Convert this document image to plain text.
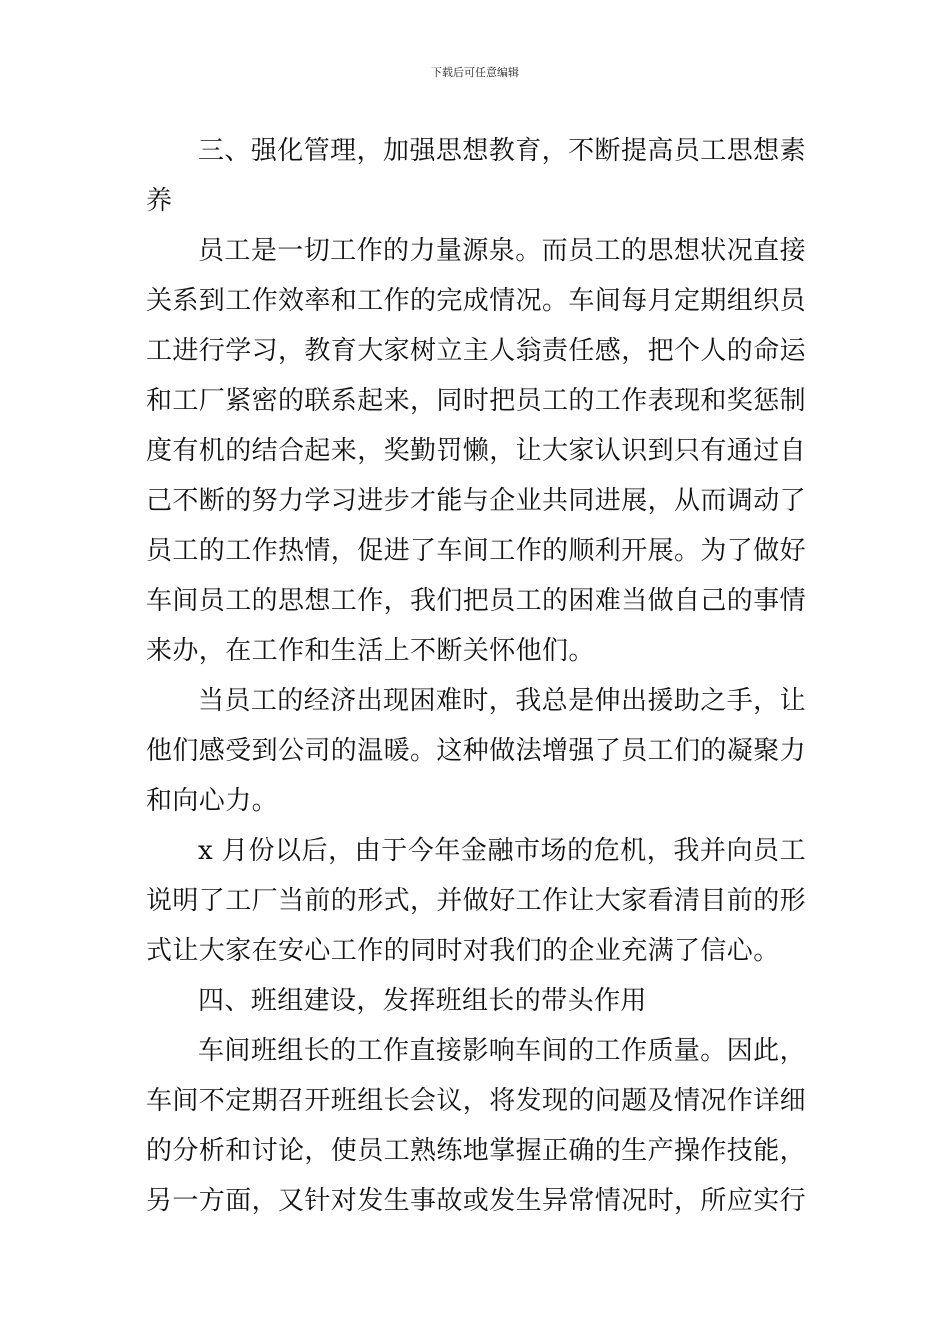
下载后可任意编辑

三、强化管理，加强思想教育，不断提高员工思想素养

员工是一切工作的力量源泉。而员工的思想状况直接关系到工作效率和工作的完成情况。车间每月定期组织员工进行学习，教育大家树立主人翁责任感，把个人的命运和工厂紧密的联系起来，同时把员工的工作表现和奖惩制度有机的结合起来，奖勤罚懒，让大家认识到只有通过自己不断的努力学习进步才能与企业共同进展，从而调动了员工的工作热情，促进了车间工作的顺利开展。为了做好车间员工的思想工作，我们把员工的困难当做自己的事情来办，在工作和生活上不断关怀他们。

当员工的经济出现困难时，我总是伸出援助之手，让他们感受到公司的温暖。这种做法增强了员工们的凝聚力和向心力。

x 月份以后，由于今年金融市场的危机，我并向员工说明了工厂当前的形式，并做好工作让大家看清目前的形式让大家在安心工作的同时对我们的企业充满了信心。

四、班组建设，发挥班组长的带头作用

车间班组长的工作直接影响车间的工作质量。因此，车间不定期召开班组长会议，将发现的问题及情况作详细的分析和讨论，使员工熟练地掌握正确的生产操作技能，另一方面，又针对发生事故或发生异常情况时，所应实行
